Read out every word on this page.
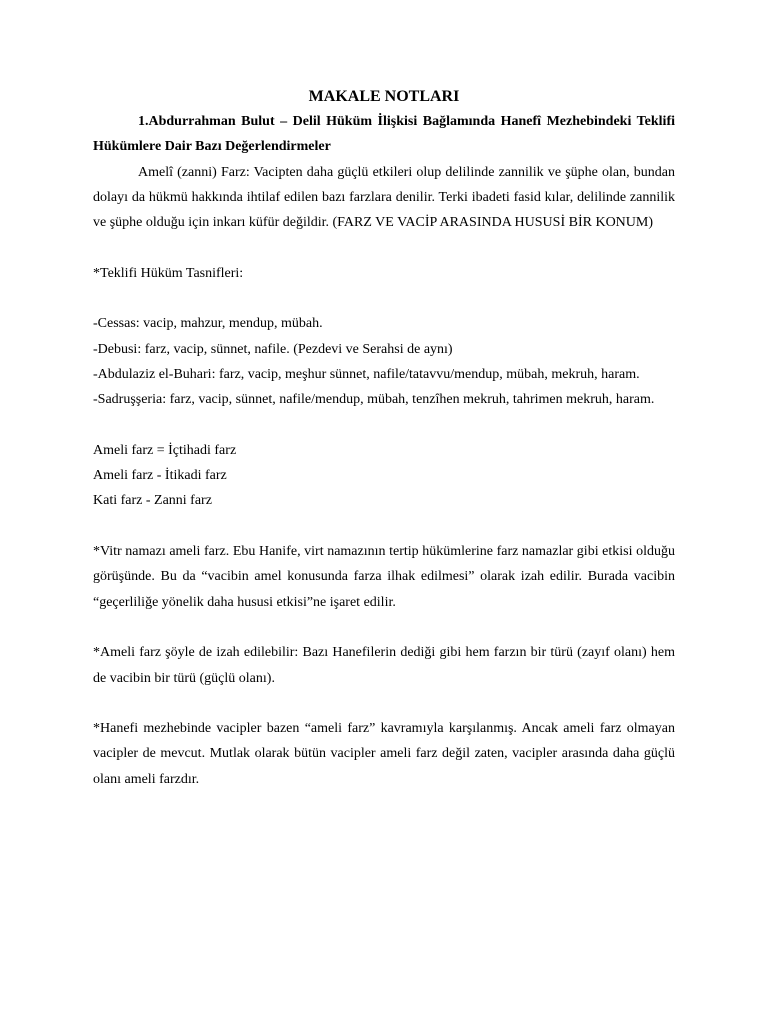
MAKALE NOTLARI

1.Abdurrahman Bulut – Delil Hüküm İlişkisi Bağlamında Hanefî Mezhebindeki Teklifi Hükümlere Dair Bazı Değerlendirmeler

Amelî (zanni) Farz: Vacipten daha güçlü etkileri olup delilinde zannilik ve şüphe olan, bundan dolayı da hükmü hakkında ihtilaf edilen bazı farzlara denilir. Terki ibadeti fasid kılar, delilinde zannilik ve şüphe olduğu için inkarı küfür değildir. (FARZ VE VACİP ARASINDA HUSUSİ BİR KONUM)

*Teklifi Hüküm Tasnifleri:

-Cessas: vacip, mahzur, mendup, mübah.

-Debusi: farz, vacip, sünnet, nafile. (Pezdevi ve Serahsi de aynı)

-Abdulaziz el-Buhari: farz, vacip, meşhur sünnet, nafile/tatavvu/mendup, mübah, mekruh, haram.

-Sadruşşeria: farz, vacip, sünnet, nafile/mendup, mübah, tenzîhen mekruh, tahrimen mekruh, haram.

Ameli farz = İçtihadi farz

Ameli farz - İtikadi farz

Kati farz - Zanni farz

*Vitr namazı ameli farz. Ebu Hanife, virt namazının tertip hükümlerine farz namazlar gibi etkisi olduğu görüşünde. Bu da “vacibin amel konusunda farza ilhak edilmesi” olarak izah edilir. Burada vacibin “geçerliliğe yönelik daha hususi etkisi”ne işaret edilir.

*Ameli farz şöyle de izah edilebilir: Bazı Hanefilerin dediği gibi hem farzın bir türü (zayıf olanı) hem de vacibin bir türü (güçlü olanı).

*Hanefi mezhebinde vacipler bazen “ameli farz” kavramıyla karşılanmış. Ancak ameli farz olmayan vacipler de mevcut. Mutlak olarak bütün vacipler ameli farz değil zaten, vacipler arasında daha güçlü olanı ameli farzdır.
